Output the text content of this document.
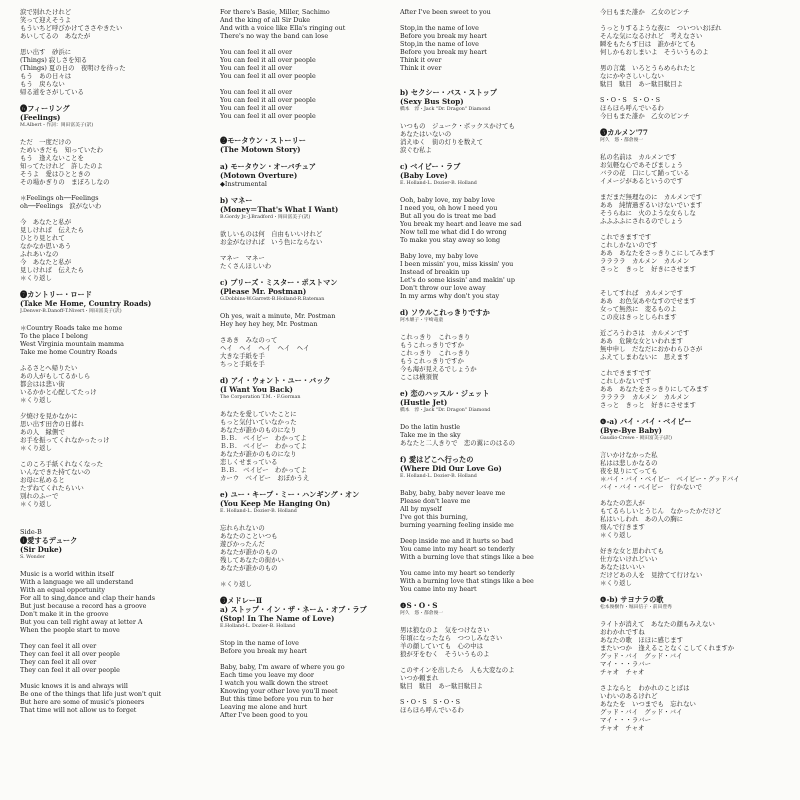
涙で別れたけれど
笑って迎えそうよ
もういちど呼びかけてささやきたい
あいしてるの　あなたが
思い出す　砂浜に
(Things) 寂しさを知る
(Things) 夏の日の　夜明けを待った
もう　あの日々は
もう　戻らない
帰る道をさがしている
❻フィーリング
(Feelings)
M.Albert・作詞：岡田富美子(訳)
ただ　一度だけの
ためいきだも　知っていたわ
もう　逢えないことを
知ってたけれど　許したのよ
そうよ　愛はひとときの
その場かぎりの　まぼろしなの
＊Feelings oh──Feelings
oh──Feelings　涙がないわ
今　あなたと私が
見しければ　伝えたら
ひとり見とれて
なかなか思いあう
ふれあいなの
今　あなたと私が
見しければ　伝えたら
＊くり返し
❼カントリー・ロード
(Take Me Home, Country Roads)
J.Denver-B.Danoff-T.Nivert・岡田富美子(訳)
＊Country Roads take me home
To the place I belong
West Virginia mountain mamma
Take me home Country Roads
ふるさとへ帰りたい
あの人がもしてるかしら
都会はは悲い街
いるかかと心配してたっけ
＊くり返し
夕焼けを見かなかに
思い出す田舎の日暮れ
あの人　縁側で
お手を振ってくれなかったっけ
＊くり返し
このころ手紙くれなくなった
いんなできた持てないの
お母に私めると
たずねてくれたらいい
別れのふーで
＊くり返し
Side-B
❶愛するデューク
(Sir Duke)
S. Wonder
Music is a world within itself
With a language we all understand
With an equal opportunity
For all to sing,dance and clap their hands
But just because a record has a groove
Don't make it in the groove
But you can tell right away at letter A
When the people start to move
They can feel it all over
They can feel it all over people
They can feel it all over
They can feel it all over people
Music knows it is and always will
Be one of the things that life just won't quit
But here are some of music's pioneers
That time will not allow us to forget
For there's Basie, Miller, Sachimo
And the king of all Sir Duke
And with a voice like Ella's ringing out
There's no way the band can lose
You can feel it all over
You can feel it all over people
You can feel it all over
You can feel it all over people
You can feel it all over
You can feel it all over people
You can feel it all over
You can feel it all over people
❷モータウン・ストーリー
(The Motown Story)
a) モータウン・オーバチュア
(Motown Overture)
◆Instrumental
b) マネー
(Money＝That's What I Want)
B.Gordy Jr.-J.Bradford・岡田富美子(訳)
欲しいものは何　自由もいいけれど
お金がなければ　いう色にならない
マネー　マネー
たくさんほしいわ
c) プリーズ・ミスター・ポストマン
(Please Mr. Postman)
G.Dobbins-W.Garrett-B.Holland-R.Bateman
Oh yes, wait a minute, Mr. Postman
Hey hey hey hey, Mr. Postman
さあき　みなのって
ヘイ　ヘイ　ヘイ　ヘイ　ヘイ
大きな手紙を手
ちっと手紙を手
d) アイ・ウォント・ユー・バック
(I Want You Back)
The Corporation T.M.・F.Gorman
あなたを愛していたことに
もっと気付いていなかった
あなたが誰かのものになり
Ｂ.Ｂ.　ベイビー　わかってよ
Ｂ.Ｂ.　ベイビー　わかってよ
あなたが誰かのものになり
恋しくせまっている
Ｂ.Ｂ.　ベイビー　わかってよ
カーウ　ベイビー　おぼかうえ
e) ユー・キープ・ミー・ハンギング・オン
(You Keep Me Hanging On)
E. Holland-L. Dozier-B. Holland
忘れられないの
あなたのこといつも
遊びかったんだ
あなたが誰かのもの
残してあなたの街かい
あなたが誰かのもの
＊くり返し
❸メドレーⅡ
a) ストップ・イン・ザ・ネーム・オブ・ラブ
(Stop! In The Name of Love)
E.Holland-L. Dozier-B. Holland
Stop in the name of love
Before you break my heart
Baby, baby, I'm aware of where you go
Each time you leave my door
I watch you walk down the street
Knowing your other love you'll meet
But this time before you run to her
Leaving me alone and hurt
After I've been good to you
After I've been sweet to you
Stop,in the name of love
Before you break my heart
Stop,in the name of love
Before you break my heart
Think it over
Think it over
b) セクシー・バス・ストップ
(Sexy Bus Stop)
橋本　淳・Jack "Dr. Dragon" Diamond
いつもの　ジューク・ボックスかけても
あなたはいないの
消えゆく　街の灯りを数えて
涙ぐむ私よ
c) ベイビー・ラブ
(Baby Love)
E. Holland-L. Dozier-B. Holland
Ooh, baby love, my baby love
I need you, oh how I need you
But all you do is treat me bad
You break my heart and leave me sad
Now tell me what did I do wrong
To make you stay away so long
Baby love, my baby love
I been missin' you, miss kissin' you
Instead of breakin up
Let's do some kissin' and makin' up
Don't throw our love away
In my arms why don't you stay
d) ソウルこれっきりですか
阿木燿子・宇崎竜童
これっきり　これっきり
もうこれっきりですか
これっきり　これっきり
もうこれっきりですか
今も海が見えるでしょうか
ここは横須賀
e) 恋のハッスル・ジェット
(Hustle Jet)
橋本　淳・Jack "Dr. Dragon" Diamond
Do the latin hustle
Take me in the sky
あなたと二人きりで　恋の翼にのはるの
f) 愛はどこへ行ったの
(Where Did Our Love Go)
E. Holland-L. Dozier-B. Holland
Baby, baby, baby never leave me
Please don't leave me
All by myself
I've got this burning,
burning yearning feeling inside me
Deep inside me and it hurts so bad
You came into my heart so tenderly
With a burning love that stings like a bee
You came into my heart so tenderly
With a burning love that stings like a bee
You came into my heart
❹S・O・S
阿久　悠・都倉俊一
男は狼なのよ　気をつけなさい
年頃になったなら　つつしみなさい
羊の顔していても　心の中は
狼が牙をむく　そういうものよ
このサインを出したら　人も大変なのよ
いつか頼まれ
駄目　駄目　あー駄目駄目よ
S・O・S　S・O・S
ほらほら呼んでいるわ
今日もまた誰か　乙女のピンチ
うっとりするような夜に　ついついおぼれ
そんな気になるけれど　考えなさい
瞬をもたらす日は　誰かがとても
何しかもおしまいよ　そういうものよ
男の言葉　いろとうらめられたと
なにかやさしいしない
駄目　駄目　あー駄目駄目よ
S・O・S　S・O・S
ほらほら呼んでいるわ
今日もまた誰か　乙女のピンチ
❺カルメン'77
阿久　悠・都倉俊一
私の名前は　カルメンです
お気軽な心であそびましょう
バラの花　口にして踊っている
イメージがあるというのです
まだまだ無理なのに　カルメンです
ああ　純情過ぎるいけないでいます
そうらねに　火のような女らしな
ふふふふにされるのでしょう
これできますです
これしかないのです
ああ　あなたをさっきりこにしてみます
ララララ　カルメン　カルメン
さっと　きっと　好きにさせます
そしてすれば　カルメンです
ああ　お色気あやなすのでせます
女って無然に　変るものよ
この皮はきっとしられます
近ごろうわさは　カルメンです
ああ　危険な女といわれます
無中申し　だなだにおかわらひさが
ふえてしまわないに　思えます
これできますです
これしかないです
ああ　あなたをさっきりにしてみます
ララララ　カルメン　カルメン
さっと　きっと　好きにさせます
❻-a) バイ・バイ・ベイビー
(Bye-Bye Baby)
Gaudio-Crewe・岡田富美子(訳)
言いかけなかった私
私はは悲しかなるの
夜を見りにてっても
＊バイ・バイ・ベイビー　ベイビー・グッドバイ
バイ・バイ・ベイビー　行かないで
あなたの恋人が
もてるらしいとうじん　なかったかだけど
私はいしわれ　あの人の胸に
飛んで行きます
＊くり返し
好きな女と思われても
仕方ないけれどいい
あなたはいいい
だけどあの人を　見捨てて行けない
＊くり返し
❻-b) サヨナラの歌
松本俊樹作・堀田信子・前田豊秀
ライトが消えて　あなたの顔もみえない
おわかれですね
あなたの歌　ほほに感じます
またいつか　逢えることなくこしてくれますか
グッド・バイ　グッド・バイ
マイ・・・ラバー
チャオ　チャオ
さよならと　わかれのことばは
いわいのあるけれど
あなたを　いつまでも　忘れない
グッド・バイ　グッド・バイ
マイ・・・ラバー
チャオ　チャオ
